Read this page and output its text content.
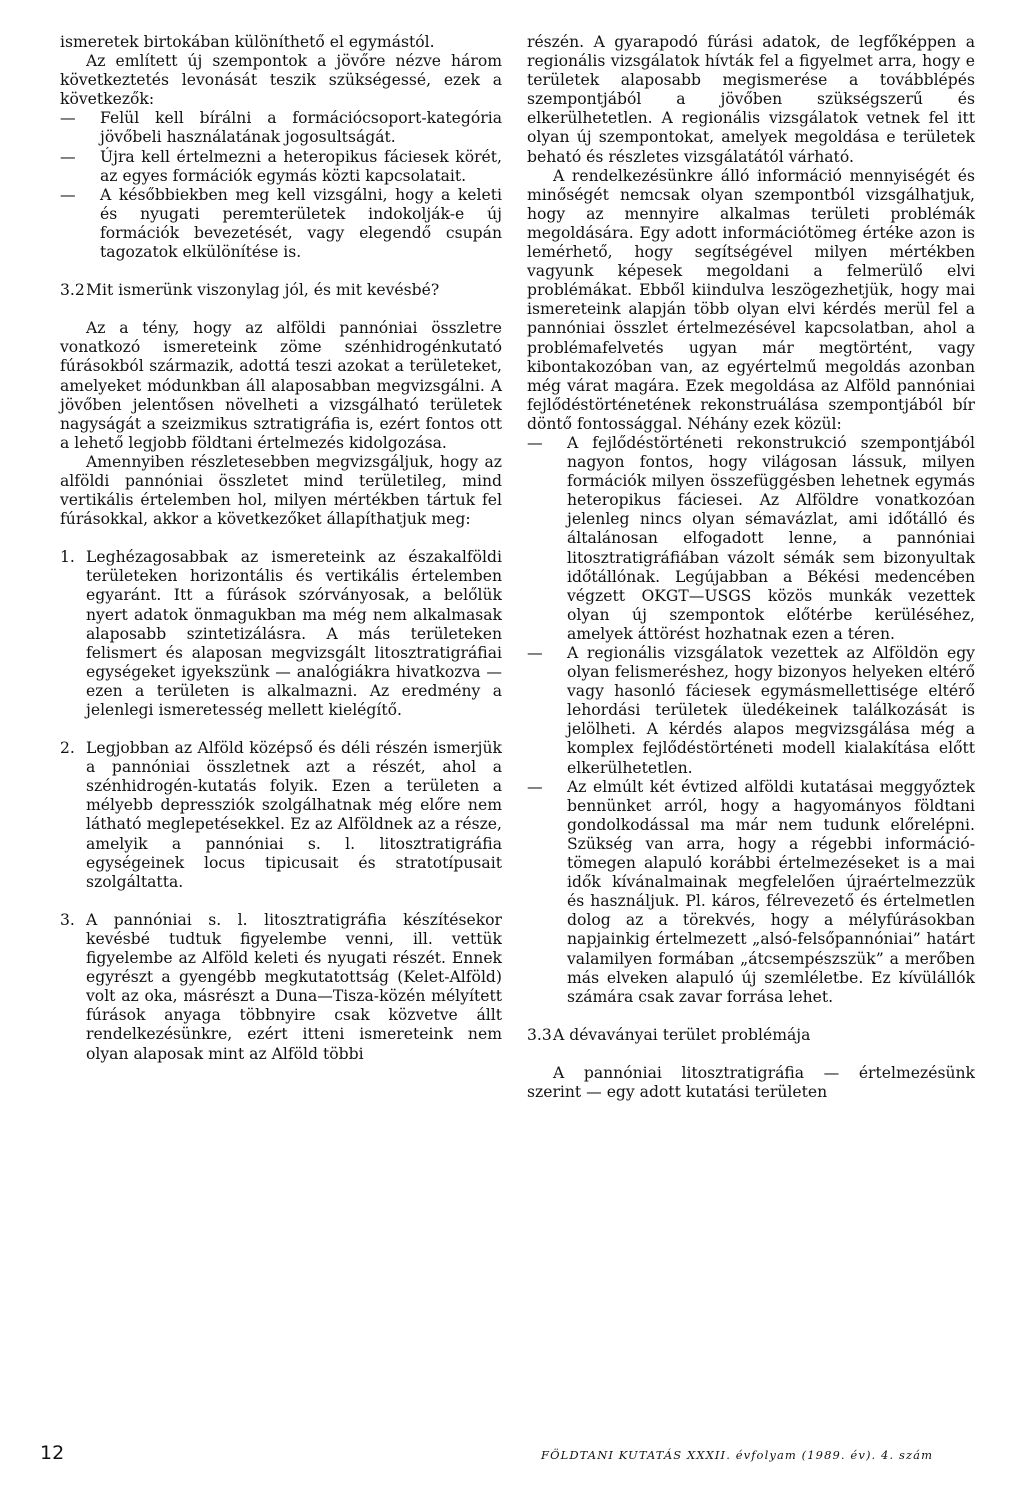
ismeretek birtokában különíthető el egymástól.

Az említett új szempontok a jövőre nézve három következtetés levonását teszik szükségessé, ezek a következők:

—	Felül kell bírálni a formációcsoport-kategória jövőbeli használatának jogosultságát.
—	Újra kell értelmezni a heteropikus fáciesek körét, az egyes formációk egymás közti kapcsolatait.
—	A későbbiekben meg kell vizsgálni, hogy a keleti és nyugati peremterületek indokolják-e új formációk bevezetését, vagy elegendő csupán tagozatok elkülönítése is.
3.2 Mit ismerünk viszonylag jól, és mit kevésbé?

Az a tény, hogy az alföldi pannóniai összletre vonatkozó ismereteink zöme szénhidrogénkutató fúrásokból származik, adottá teszi azokat a területeket, amelyeket módunkban áll alaposabban megvizsgálni. A jövőben jelentősen növelheti a vizsgálható területek nagyságát a szeizmikus sztratigráfia is, ezért fontos ott a lehető legjobb földtani értelmezés kidolgozása.

Amennyiben részletesebben megvizsgáljuk, hogy az alföldi pannóniai összletet mind területileg, mind vertikális értelemben hol, milyen mértékben tártuk fel fúrásokkal, akkor a következőket állapíthatjuk meg:

1. Leghézagosabbak az ismereteink az északalföldi területeken horizontális és vertikális értelemben egyaránt. Itt a fúrások szórványosak, a belőlük nyert adatok önmagukban ma még nem alkalmasak alaposabb szintetizálásra. A más területeken felismert és alaposan megvizsgált litosztratigráfiai egységeket igyekszünk — analógiákra hivatkozva — ezen a területen is alkalmazni. Az eredmény a jelenlegi ismeretesség mellett kielégítő.
2. Legjobban az Alföld középső és déli részén ismerjük a pannóniai összletnek azt a részét, ahol a szénhidrogén-kutatás folyik. Ezen a területen a mélyebb depressziók szolgálhatnak még előre nem látható meglepetésekkel. Ez az Alföldnek az a része, amelyik a pannóniai s. l. litosztratigráfia egységeinek locus tipicusait és stratotípusait szolgáltatta.
3. A pannóniai s. l. litosztratigráfia készítésekor kevésbé tudtuk figyelembe venni, ill. vettük figyelembe az Alföld keleti és nyugati részét. Ennek egyrészt a gyengébb megkutatottság (Kelet-Alföld) volt az oka, másrészt a Duna—Tisza-közén mélyített fúrások anyaga többnyire csak közvetve állt rendelkezésünkre, ezért itteni ismereteink nem olyan alaposak mint az Alföld többi

részén. A gyarapodó fúrási adatok, de legfőképpen a regionális vizsgálatok hívták fel a figyelmet arra, hogy e területek alaposabb megismerése a továbblépés szempontjából a jövőben szükségszerű és elkerülhetetlen. A regionális vizsgálatok vetnek fel itt olyan új szempontokat, amelyek megoldása e területek beható és részletes vizsgálatától várható.

A rendelkezésünkre álló információ mennyiségét és minőségét nemcsak olyan szempontból vizsgálhatjuk, hogy az mennyire alkalmas területi problémák megoldására. Egy adott információtömeg értéke azon is lemérhető, hogy segítségével milyen mértékben vagyunk képesek megoldani a felmerülő elvi problémákat. Ebből kiindulva leszögezhetjük, hogy mai ismereteink alapján több olyan elvi kérdés merül fel a pannóniai összlet értelmezésével kapcsolatban, ahol a problémafelvetés ugyan már megtörtént, vagy kibontakozóban van, az egyértelmű megoldás azonban még várat magára. Ezek megoldása az Alföld pannóniai fejlődéstörténetének rekonstruálása szempontjából bír döntő fontossággal. Néhány ezek közül:

—	A fejlődéstörténeti rekonstrukció szempontjából nagyon fontos, hogy világosan lássuk, milyen formációk milyen összefüggésben lehetnek egymás heteropikus fáciesei. Az Alföldre vonatkozóan jelenleg nincs olyan sémavázlat, ami időtálló és általánosan elfogadott lenne, a pannóniai litosztratigráfiában vázolt sémák sem bizonyultak időtállónak. Legújabban a Békési medencében végzett OKGT—USGS közös munkák vezettek olyan új szempontok előtérbe kerüléséhez, amelyek áttörést hozhatnak ezen a téren.
—	A regionális vizsgálatok vezettek az Alföldön egy olyan felismeréshez, hogy bizonyos helyeken eltérő vagy hasonló fáciesek egymásmellettisége eltérő lehordási területek üledékeinek találkozását is jelölheti. A kérdés alapos megvizsgálása még a komplex fejlődéstörténeti modell kialakítása előtt elkerülhetetlen.
—	Az elmúlt két évtized alföldi kutatásai meggyőztek bennünket arról, hogy a hagyományos földtani gondolkodással ma már nem tudunk előrelépni. Szükség van arra, hogy a régebbi információ-tömegen alapuló korábbi értelmezéseket is a mai idők kívánalmainak megfelelően újraértelmezzük és használjuk. Pl. káros, félrevezető és értelmetlen dolog az a törekvés, hogy a mélyfúrásokban napjainkig értelmezett „alsó-felsőpannóniai” határt valamilyen formában „átcsempészszük” a merőben más elveken alapuló új szemléletbe. Ez kívülállók számára csak zavar forrása lehet.
3.3 A dévaványai terület problémája

A pannóniai litosztratigráfia — értelmezésünk szerint — egy adott kutatási területen

12	FÖLDTANI KUTATÁS XXXII. évfolyam (1989. év). 4. szám
